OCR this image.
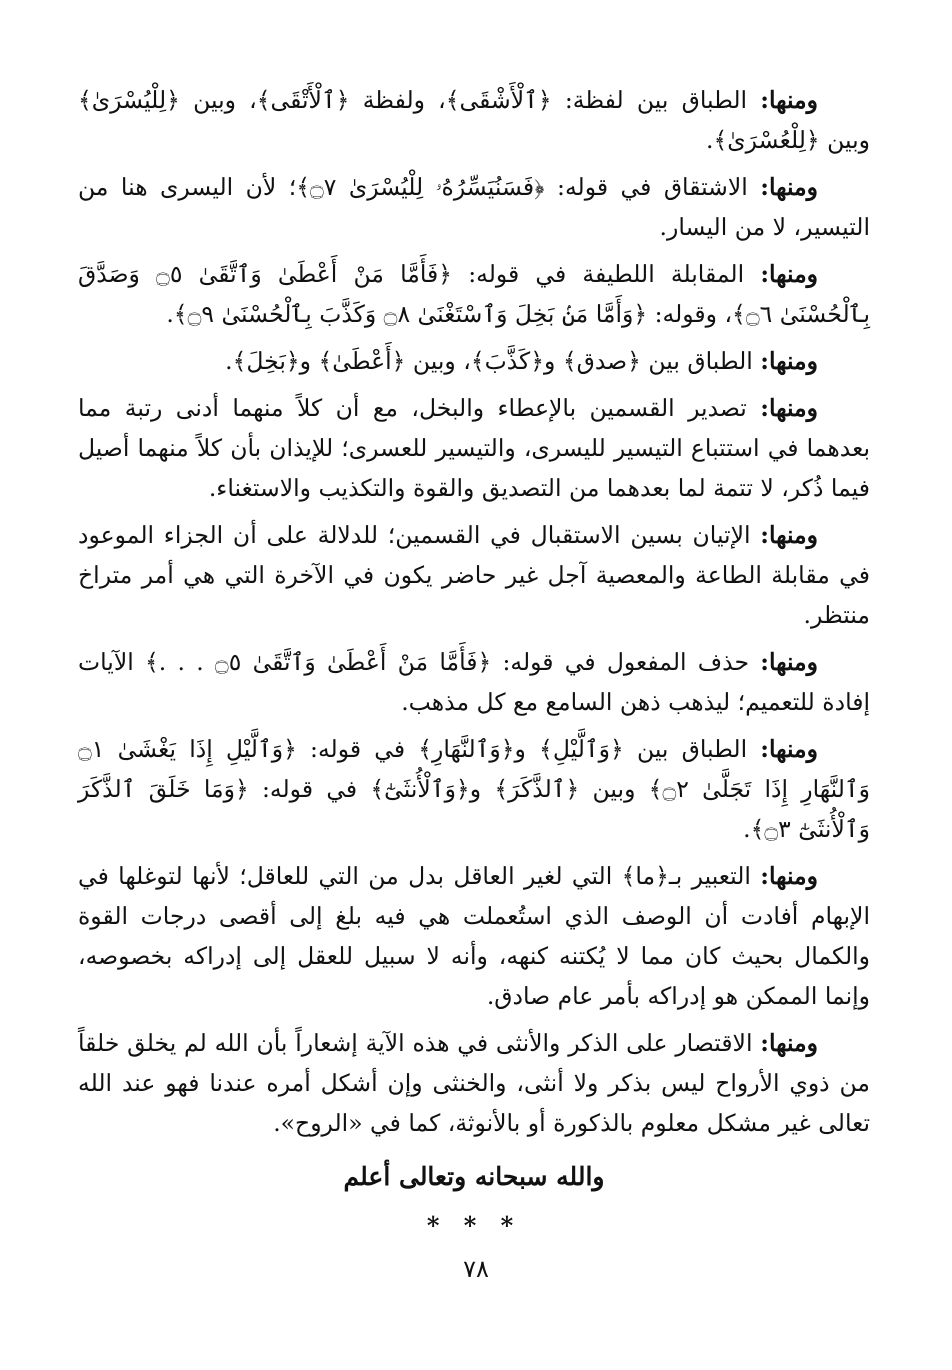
ومنها: الطباق بين لفظة: ﴿ٱلْأَشْقَى﴾، ولفظة ﴿ٱلْأَتْقَى﴾، وبين ﴿لِلْيُسْرَىٰ﴾ وبين ﴿لِلْعُسْرَىٰ﴾.

ومنها: الاشتقاق في قوله: ﴿فَسَنُيَسِّرُهُۥ لِلْيُسْرَىٰ ۝٧﴾؛ لأن اليسرى هنا من التيسير، لا من اليسار.

ومنها: المقابلة اللطيفة في قوله: ﴿فَأَمَّا مَنْ أَعْطَىٰ وَٱتَّقَىٰ ۝٥ وَصَدَّقَ بِٱلْحُسْنَىٰ ۝٦﴾، وقوله: ﴿وَأَمَّا مَنۢ بَخِلَ وَٱسْتَغْنَىٰ ۝٨ وَكَذَّبَ بِٱلْحُسْنَىٰ ۝٩﴾.

ومنها: الطباق بين ﴿صدق﴾ و﴿كَذَّبَ﴾، وبين ﴿أَعْطَىٰ﴾ و﴿بَخِلَ﴾.

ومنها: تصدير القسمين بالإعطاء والبخل، مع أن كلاً منهما أدنى رتبة مما بعدهما في استتباع التيسير لليسرى، والتيسير للعسرى؛ للإيذان بأن كلاً منهما أصيل فيما ذُكر، لا تتمة لما بعدهما من التصديق والقوة والتكذيب والاستغناء.

ومنها: الإتيان بسين الاستقبال في القسمين؛ للدلالة على أن الجزاء الموعود في مقابلة الطاعة والمعصية آجل غير حاضر يكون في الآخرة التي هي أمر متراخ منتظر.

ومنها: حذف المفعول في قوله: ﴿فَأَمَّا مَنْ أَعْطَىٰ وَٱتَّقَىٰ ۝٥ . . .﴾ الآيات إفادة للتعميم؛ ليذهب ذهن السامع مع كل مذهب.

ومنها: الطباق بين ﴿وَٱلَّيْلِ﴾ و﴿وَٱلنَّهَارِ﴾ في قوله: ﴿وَٱلَّيْلِ إِذَا يَغْشَىٰ ۝١ وَٱلنَّهَارِ إِذَا تَجَلَّىٰ ۝٢﴾ وبين ﴿ٱلذَّكَرَ﴾ و﴿وَٱلْأُنثَىٰٓ﴾ في قوله: ﴿وَمَا خَلَقَ ٱلذَّكَرَ وَٱلْأُنثَىٰٓ ۝٣﴾.

ومنها: التعبير بـ﴿ما﴾ التي لغير العاقل بدل من التي للعاقل؛ لأنها لتوغلها في الإبهام أفادت أن الوصف الذي استُعملت هي فيه بلغ إلى أقصى درجات القوة والكمال بحيث كان مما لا يُكتنه كنهه، وأنه لا سبيل للعقل إلى إدراكه بخصوصه، وإنما الممكن هو إدراكه بأمر عام صادق.

ومنها: الاقتصار على الذكر والأنثى في هذه الآية إشعاراً بأن الله لم يخلق خلقاً من ذوي الأرواح ليس بذكر ولا أنثى، والخنثى وإن أشكل أمره عندنا فهو عند الله تعالى غير مشكل معلوم بالذكورة أو بالأنوثة، كما في «الروح».

والله سبحانه وتعالى أعلم
* * *
٧٨
